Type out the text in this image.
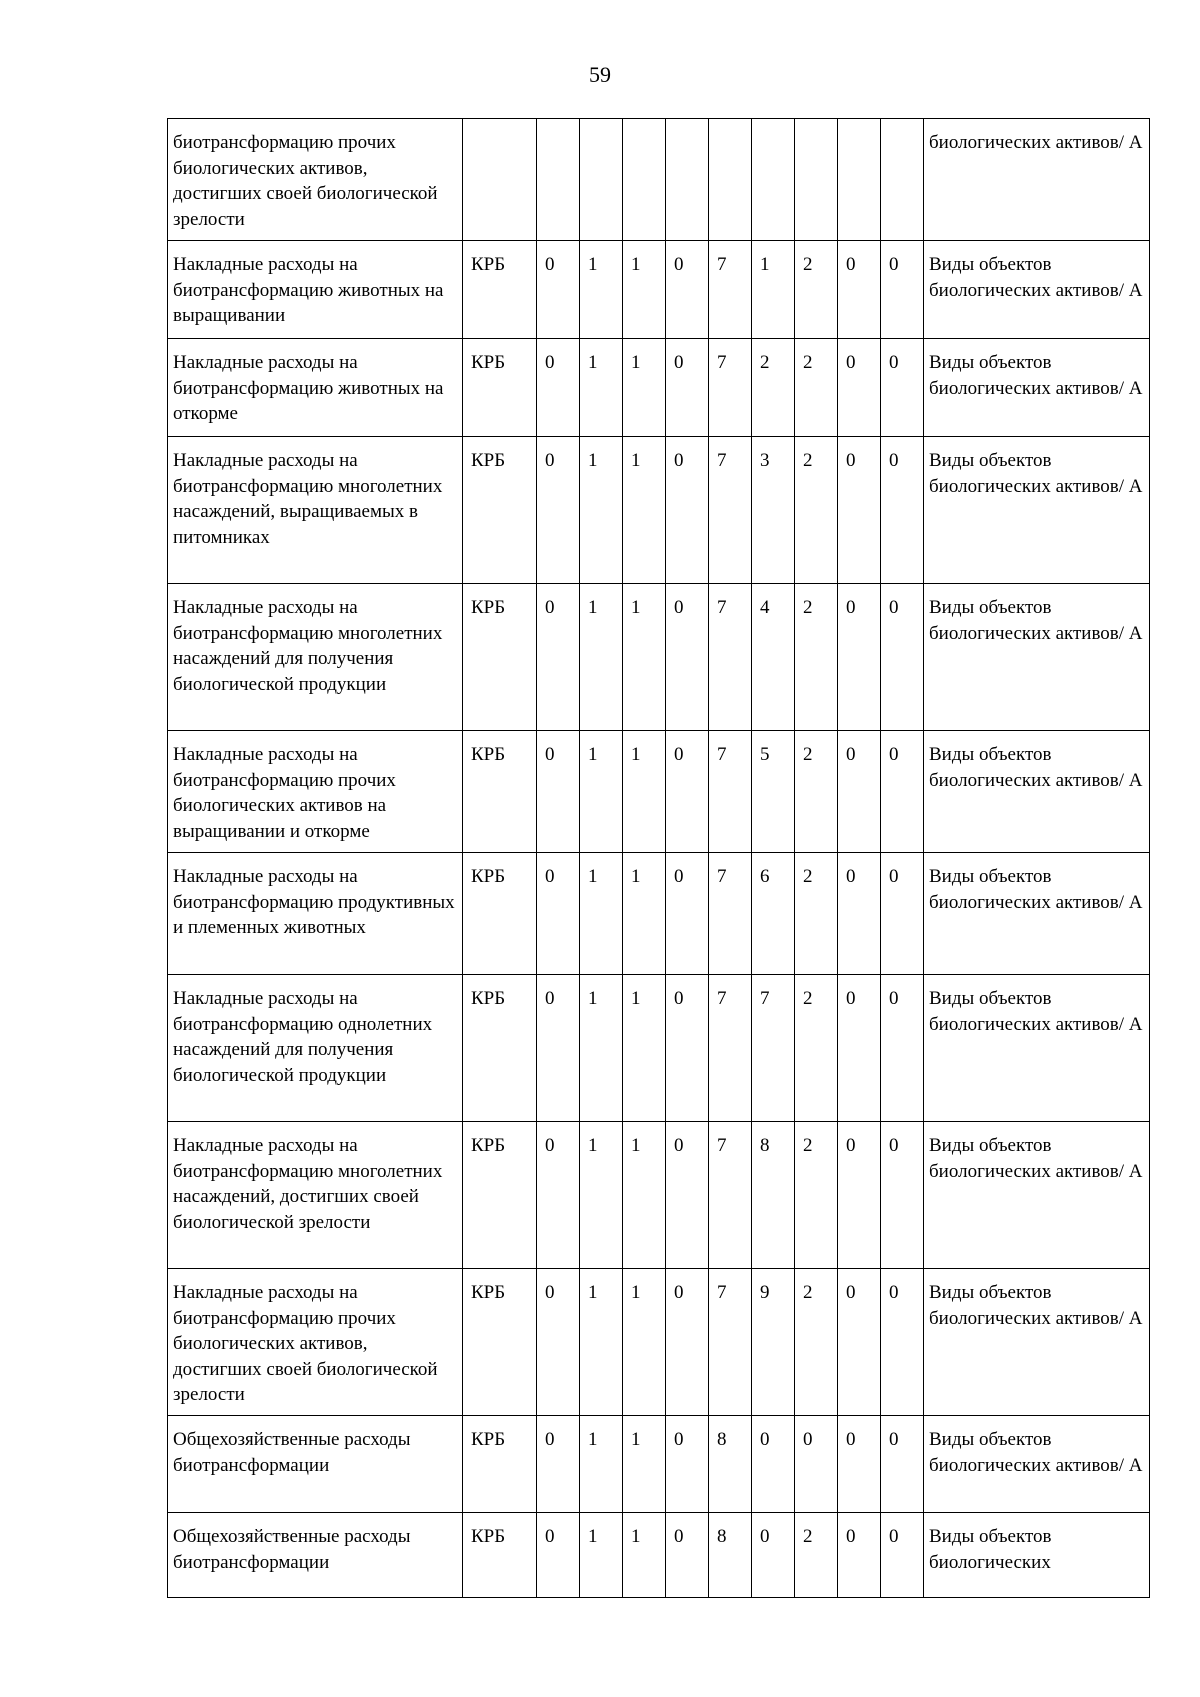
59
биотрансформацию прочих биологических активов, достигших своей биологической зрелости											биологических активов/ А
Накладные расходы на биотрансформацию животных на выращивании	КРБ	0	1	1	0	7	1	2	0	0	Виды объектов биологических активов/ А
Накладные расходы на биотрансформацию животных на откорме	КРБ	0	1	1	0	7	2	2	0	0	Виды объектов биологических активов/ А
Накладные расходы на биотрансформацию многолетних насаждений, выращиваемых в питомниках	КРБ	0	1	1	0	7	3	2	0	0	Виды объектов биологических активов/ А
Накладные расходы на биотрансформацию многолетних насаждений для получения биологической продукции	КРБ	0	1	1	0	7	4	2	0	0	Виды объектов биологических активов/ А
Накладные расходы на биотрансформацию прочих биологических активов на выращивании и откорме	КРБ	0	1	1	0	7	5	2	0	0	Виды объектов биологических активов/ А
Накладные расходы на биотрансформацию продуктивных и племенных животных	КРБ	0	1	1	0	7	6	2	0	0	Виды объектов биологических активов/ А
Накладные расходы на биотрансформацию однолетних насаждений для получения биологической продукции	КРБ	0	1	1	0	7	7	2	0	0	Виды объектов биологических активов/ А
Накладные расходы на биотрансформацию многолетних насаждений, достигших своей биологической зрелости	КРБ	0	1	1	0	7	8	2	0	0	Виды объектов биологических активов/ А
Накладные расходы на биотрансформацию прочих биологических активов, достигших своей биологической зрелости	КРБ	0	1	1	0	7	9	2	0	0	Виды объектов биологических активов/ А
Общехозяйственные расходы биотрансформации	КРБ	0	1	1	0	8	0	0	0	0	Виды объектов биологических активов/ А
Общехозяйственные расходы биотрансформации	КРБ	0	1	1	0	8	0	2	0	0	Виды объектов биологических
